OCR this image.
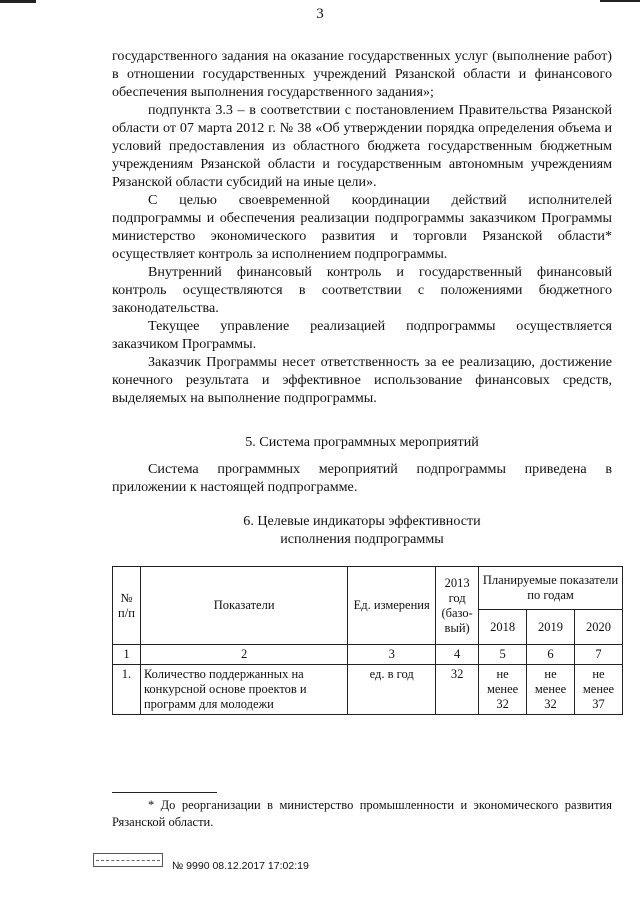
3

государственного задания на оказание государственных услуг (выполнение работ) в отношении государственных учреждений Рязанской области и финансового обеспечения выполнения государственного задания»;

подпункта 3.3 – в соответствии с постановлением Правительства Рязанской области от 07 марта 2012 г. № 38 «Об утверждении порядка определения объема и условий предоставления из областного бюджета государственным бюджетным учреждениям Рязанской области и государственным автономным учреждениям Рязанской области субсидий на иные цели».

С целью своевременной координации действий исполнителей подпрограммы и обеспечения реализации подпрограммы заказчиком Программы министерство экономического развития и торговли Рязанской области* осуществляет контроль за исполнением подпрограммы.

Внутренний финансовый контроль и государственный финансовый контроль осуществляются в соответствии с положениями бюджетного законодательства.

Текущее управление реализацией подпрограммы осуществляется заказчиком Программы.

Заказчик Программы несет ответственность за ее реализацию, достижение конечного результата и эффективное использование финансовых средств, выделяемых на выполнение подпрограммы.

5. Система программных мероприятий

Система программных мероприятий подпрограммы приведена в приложении к настоящей подпрограмме.

6. Целевые индикаторы эффективности
исполнения подпрограммы
№ п/п	Показатели	Ед. измерения	2013 год (базо-вый)	Планируемые показатели по годам		
				2018	2019	2020
1	2	3	4	5	6	7
1.	Количество поддержанных на конкурсной основе проектов и программ для молодежи	ед. в год	32	не менее 32	не менее 32	не менее 37

* До реорганизации в министерство промышленности и экономического развития Рязанской области.

№ 9990 08.12.2017 17:02:19
